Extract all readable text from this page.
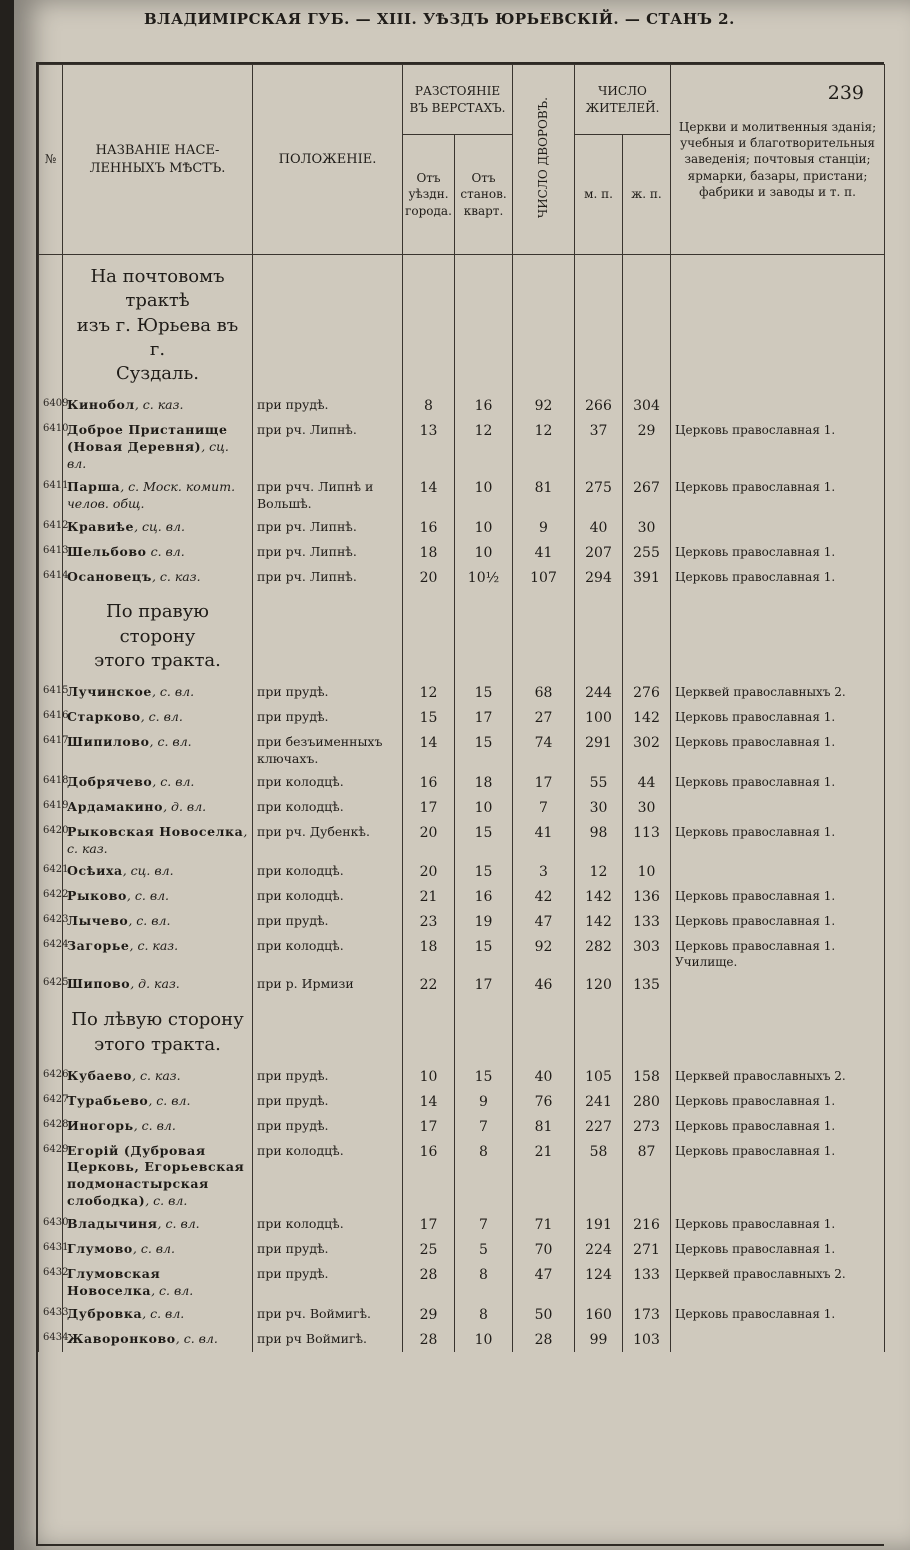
ВЛАДИМІРСКАЯ ГУБ. — XIII. УѢЗДЪ ЮРЬЕВСКІЙ. — СТАНЪ 2.
239
№	НАЗВАНІЕ НАСЕ-ЛЕННЫХЪ МѢСТЪ.	ПОЛОЖЕНІЕ.	РАЗСТОЯНІЕ ВЪ ВЕРСТАХЪ.		ЧИСЛО ДВОРОВЪ.	ЧИСЛО ЖИТЕЛЕЙ.		Церкви и молитвенныя зданія; учебныя и благотворительныя заведенія; почтовыя станціи; ярмарки, базары, пристани; фабрики и заводы и т. п.
			Отъ уѣздн. города.	Отъ станов. кварт.		м. п.	ж. п.	

	На почтовомъ трактѣ
изъ г. Юрьева въ г.
Суздаль.							

6409	Кинобол, с. каз.	при прудѣ.	8	16	92	266	304	
6410	Доброе Пристанище (Новая Деревня), сц. вл.	при рч. Липнѣ.	13	12	12	37	29	Церковь православная 1.
6411	Парша, с. Моск. комит. челов. общ.	при рчч. Липнѣ и Вольшѣ.	14	10	81	275	267	Церковь православная 1.
6412	Кравиѣе, сц. вл.	при рч. Липнѣ.	16	10	9	40	30	
6413	Шельбово с. вл.	при рч. Липнѣ.	18	10	41	207	255	Церковь православная 1.
6414	Осановецъ, с. каз.	при рч. Липнѣ.	20	10½	107	294	391	Церковь православная 1.

	По правую сторону
этого тракта.							

6415	Лучинское, с. вл.	при прудѣ.	12	15	68	244	276	Церквей православныхъ 2.
6416	Старково, с. вл.	при прудѣ.	15	17	27	100	142	Церковь православная 1.
6417	Шипилово, с. вл.	при безъименныхъ ключахъ.	14	15	74	291	302	Церковь православная 1.
6418	Добрячево, с. вл.	при колодцѣ.	16	18	17	55	44	Церковь православная 1.
6419	Ардамакино, д. вл.	при колодцѣ.	17	10	7	30	30	
6420	Рыковская Новоселка, с. каз.	при рч. Дубенкѣ.	20	15	41	98	113	Церковь православная 1.
6421	Осѣиха, сц. вл.	при колодцѣ.	20	15	3	12	10	
6422	Рыково, с. вл.	при колодцѣ.	21	16	42	142	136	Церковь православная 1.
6423	Лычево, с. вл.	при прудѣ.	23	19	47	142	133	Церковь православная 1.
6424	Загорье, с. каз.	при колодцѣ.	18	15	92	282	303	Церковь православная 1. Училище.
6425	Шипово, д. каз.	при р. Ирмизи	22	17	46	120	135	

	По лѣвую сторону
этого тракта.							

6426	Кубаево, с. каз.	при прудѣ.	10	15	40	105	158	Церквей православныхъ 2.
6427	Турабьево, с. вл.	при прудѣ.	14	9	76	241	280	Церковь православная 1.
6428	Иногорь, с. вл.	при прудѣ.	17	7	81	227	273	Церковь православная 1.
6429	Егорій (Дубровая Церковь, Егорьевская подмонастырская слободка), с. вл.	при колодцѣ.	16	8	21	58	87	Церковь православная 1.
6430	Владычиня, с. вл.	при колодцѣ.	17	7	71	191	216	Церковь православная 1.
6431	Глумово, с. вл.	при прудѣ.	25	5	70	224	271	Церковь православная 1.
6432	Глумовская Новоселка, с. вл.	при прудѣ.	28	8	47	124	133	Церквей православныхъ 2.
6433	Дубровка, с. вл.	при рч. Воймигѣ.	29	8	50	160	173	Церковь православная 1.
6434	Жаворонково, с. вл.	при рч Воймигѣ.	28	10	28	99	103	
